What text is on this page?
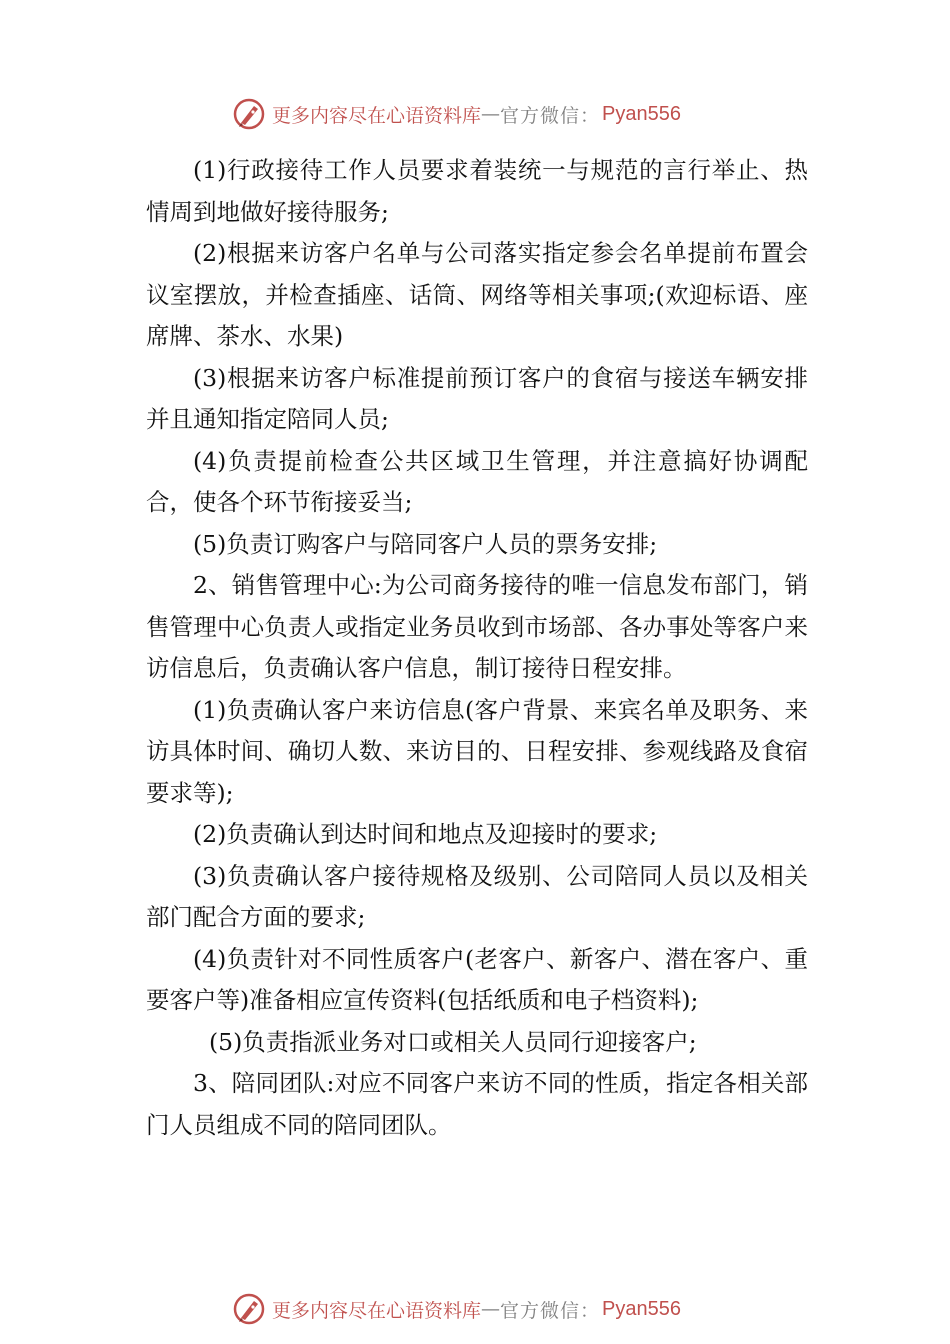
更多内容尽在心语资料库 — 官方微信： Pyan556

(1)行政接待工作人员要求着装统一与规范的言行举止、热情周到地做好接待服务;

(2)根据来访客户名单与公司落实指定参会名单提前布置会议室摆放，并检查插座、话筒、网络等相关事项;(欢迎标语、座席牌、茶水、水果)

(3)根据来访客户标准提前预订客户的食宿与接送车辆安排并且通知指定陪同人员;

(4)负责提前检查公共区域卫生管理，并注意搞好协调配合，使各个环节衔接妥当;

(5)负责订购客户与陪同客户人员的票务安排;

2、销售管理中心:为公司商务接待的唯一信息发布部门，销售管理中心负责人或指定业务员收到市场部、各办事处等客户来访信息后，负责确认客户信息，制订接待日程安排。

(1)负责确认客户来访信息(客户背景、来宾名单及职务、来访具体时间、确切人数、来访目的、日程安排、参观线路及食宿要求等);

(2)负责确认到达时间和地点及迎接时的要求;

(3)负责确认客户接待规格及级别、公司陪同人员以及相关部门配合方面的要求;

(4)负责针对不同性质客户(老客户、新客户、潜在客户、重要客户等)准备相应宣传资料(包括纸质和电子档资料);

(5)负责指派业务对口或相关人员同行迎接客户;

3、陪同团队:对应不同客户来访不同的性质，指定各相关部门人员组成不同的陪同团队。

更多内容尽在心语资料库 — 官方微信： Pyan556
